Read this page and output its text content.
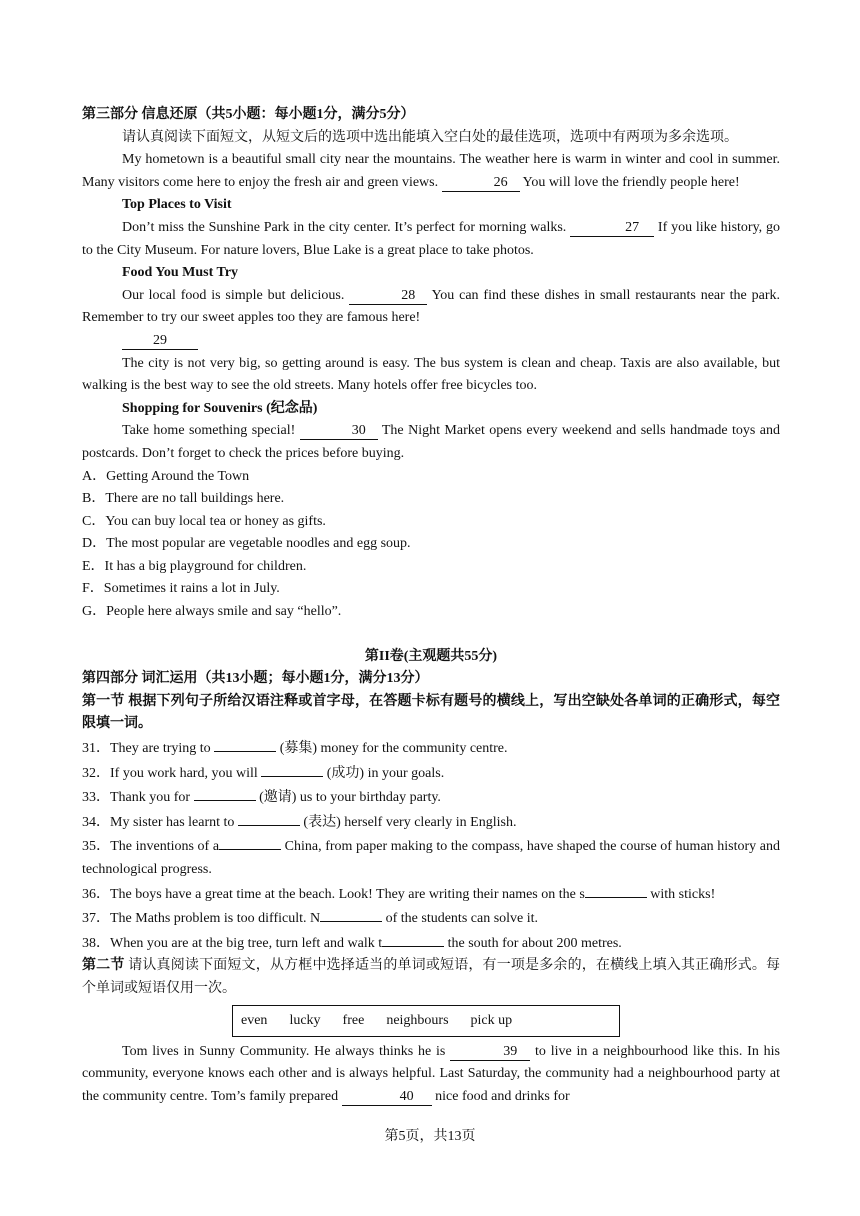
第三部分 信息还原（共5小题：每小题1分，满分5分）
请认真阅读下面短文，从短文后的选项中选出能填入空白处的最佳选项，选项中有两项为多余选项。
My hometown is a beautiful small city near the mountains. The weather here is warm in winter and cool in summer. Many visitors come here to enjoy the fresh air and green views.	26 You will love the friendly people here!
Top Places to Visit
Don’t miss the Sunshine Park in the city center. It’s perfect for morning walks.	27 If you like history, go to the City Museum. For nature lovers, Blue Lake is a great place to take photos.
Food You Must Try
Our local food is simple but delicious.	28 You can find these dishes in small restaurants near the park. Remember to try our sweet apples too they are famous here!
29
The city is not very big, so getting around is easy. The bus system is clean and cheap. Taxis are also available, but walking is the best way to see the old streets. Many hotels offer free bicycles too.
Shopping for Souvenirs (纪念品)
Take home something special!	30 The Night Market opens every weekend and sells handmade toys and postcards. Don’t forget to check the prices before buying.
A．Getting Around the Town
B．There are no tall buildings here.
C．You can buy local tea or honey as gifts.
D．The most popular are vegetable noodles and egg soup.
E．It has a big playground for children.
F．Sometimes it rains a lot in July.
G．People here always smile and say “hello”.
第II卷(主观题共55分)
第四部分 词汇运用（共13小题；每小题1分，满分13分）
第一节 根据下列句子所给汉语注释或首字母，在答题卡标有题号的横线上，写出空缺处各单词的正确形式，每空限填一词。
31．They are trying to	(募集) money for the community centre.
32．If you work hard, you will	(成功) in your goals.
33．Thank you for	(邀请) us to your birthday party.
34．My sister has learnt to	(表达) herself very clearly in English.
35．The inventions of a	China, from paper making to the compass, have shaped the course of human history and technological progress.
36．The boys have a great time at the beach. Look! They are writing their names on the s	with sticks!
37．The Maths problem is too difficult. N	of the students can solve it.
38．When you are at the big tree, turn left and walk t	the south for about 200 metres.
第二节 请认真阅读下面短文，从方框中选择适当的单词或短语，有一项是多余的，在横线上填入其正确形式。每个单词或短语仅用一次。
even lucky free neighbours pick up
Tom lives in Sunny Community. He always thinks he is	39 to live in a neighbourhood like this. In his community, everyone knows each other and is always helpful. Last Saturday, the community had a neighbourhood party at the community centre. Tom’s family prepared	40 nice food and drinks for
第5页，共13页
